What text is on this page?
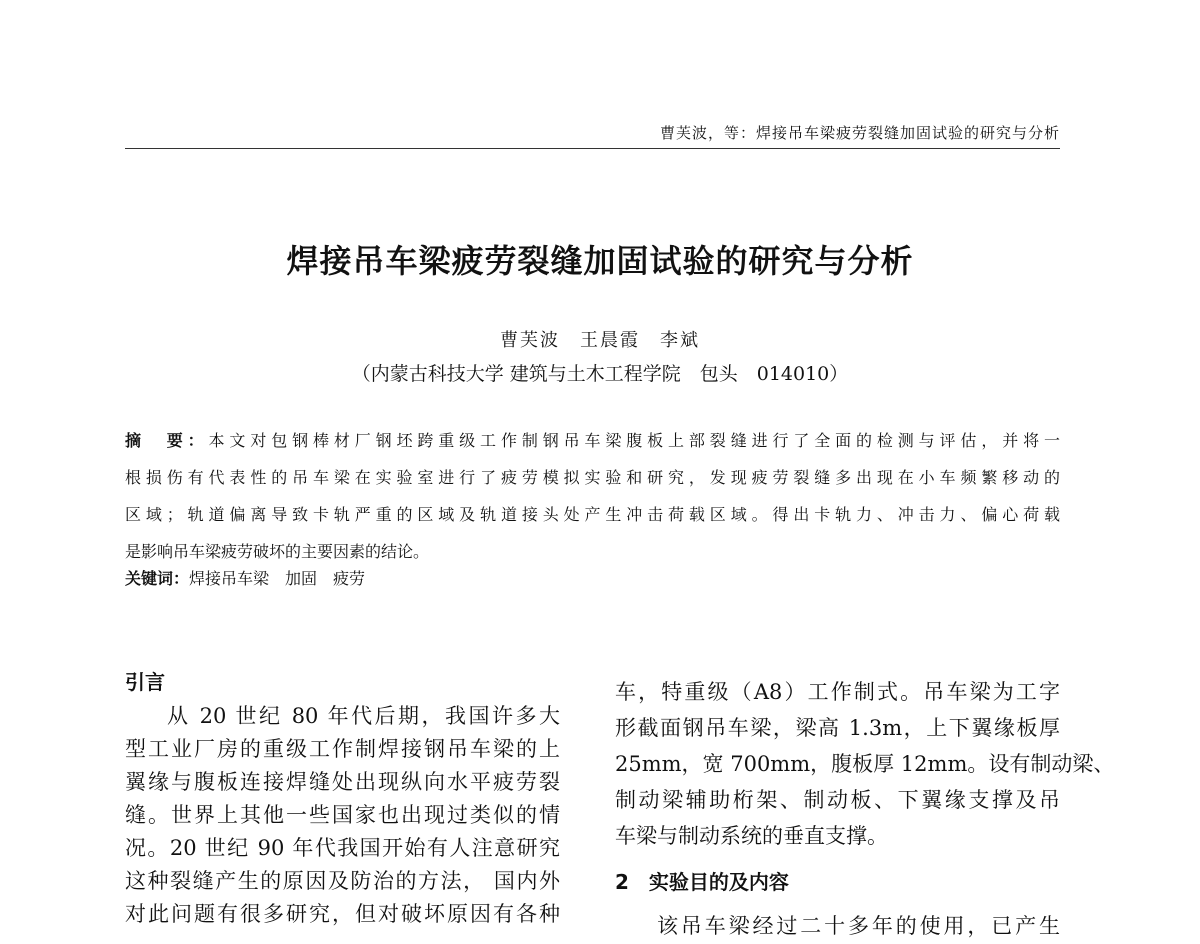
曹芙波，等：焊接吊车梁疲劳裂缝加固试验的研究与分析
焊接吊车梁疲劳裂缝加固试验的研究与分析
曹芙波　王晨霞　李斌
（内蒙古科技大学 建筑与土木工程学院　包头　014010）
摘　要：本文对包钢棒材厂钢坯跨重级工作制钢吊车梁腹板上部裂缝进行了全面的检测与评估，并将一
根损伤有代表性的吊车梁在实验室进行了疲劳模拟实验和研究，发现疲劳裂缝多出现在小车频繁移动的
区域；轨道偏离导致卡轨严重的区域及轨道接头处产生冲击荷载区域。得出卡轨力、冲击力、偏心荷载
是影响吊车梁疲劳破坏的主要因素的结论。
关键词：焊接吊车梁　加固　疲劳
引言
从 20 世纪 80 年代后期，我国许多大
型工业厂房的重级工作制焊接钢吊车梁的上
翼缘与腹板连接焊缝处出现纵向水平疲劳裂
缝。世界上其他一些国家也出现过类似的情
况。20 世纪 90 年代我国开始有人注意研究
这种裂缝产生的原因及防治的方法， 国内外
对此问题有很多研究，但对破坏原因有各种
车，特重级（A8）工作制式。吊车梁为工字
形截面钢吊车梁，梁高 1.3m，上下翼缘板厚
25mm，宽 700mm，腹板厚 12mm。设有制动梁、
制动梁辅助桁架、制动板、下翼缘支撑及吊
车梁与制动系统的垂直支撑。
2　实验目的及内容
该吊车梁经过二十多年的使用，已产生
